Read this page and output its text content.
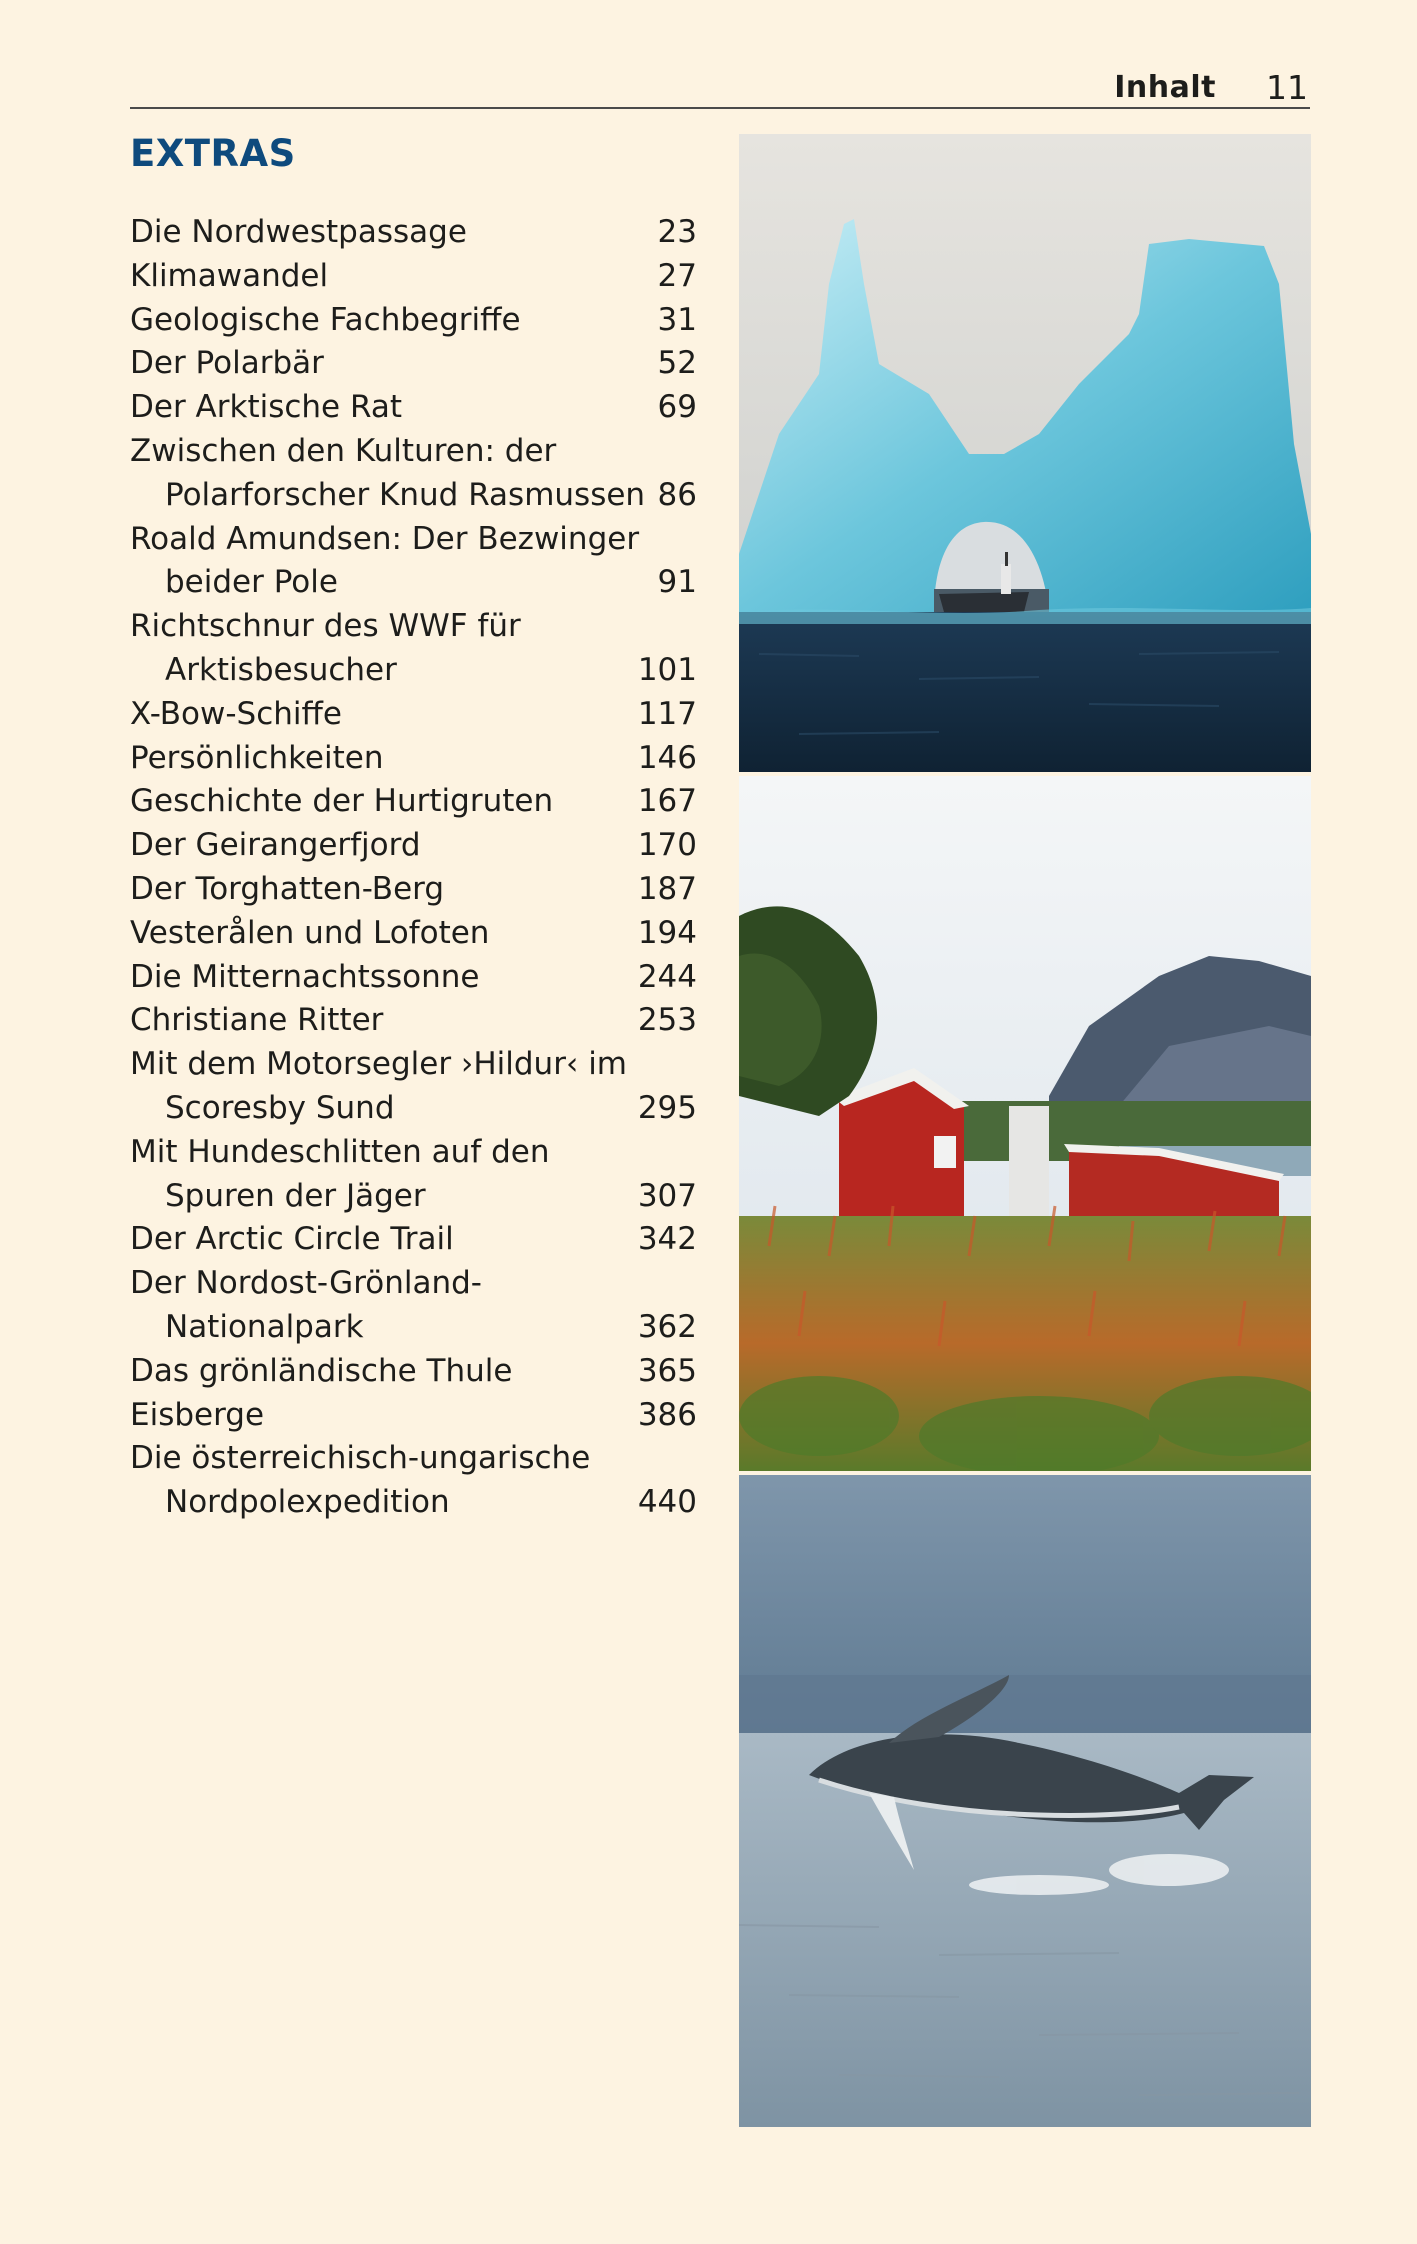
Inhalt 11
EXTRAS
Die Nordwestpassage	23
Klimawandel	27
Geologische Fachbegriffe	31
Der Polarbär	52
Der Arktische Rat	69
Zwischen den Kulturen: der
Polarforscher Knud Rasmussen 86
Roald Amundsen: Der Bezwinger
beider Pole	91
Richtschnur des WWF für
Arktisbesucher	101
X-Bow-Schiffe	117
Persönlichkeiten	146
Geschichte der Hurtigruten	167
Der Geirangerfjord	170
Der Torghatten-Berg	187
Vesterålen und Lofoten	194
Die Mitternachtssonne	244
Christiane Ritter	253
Mit dem Motorsegler ›Hildur‹ im
Scoresby Sund	295
Mit Hundeschlitten auf den
Spuren der Jäger	307
Der Arctic Circle Trail	342
Der Nordost-Grönland-
Nationalpark	362
Das grönländische Thule	365
Eisberge	386
Die österreichisch-ungarische
Nordpolexpedition	440
